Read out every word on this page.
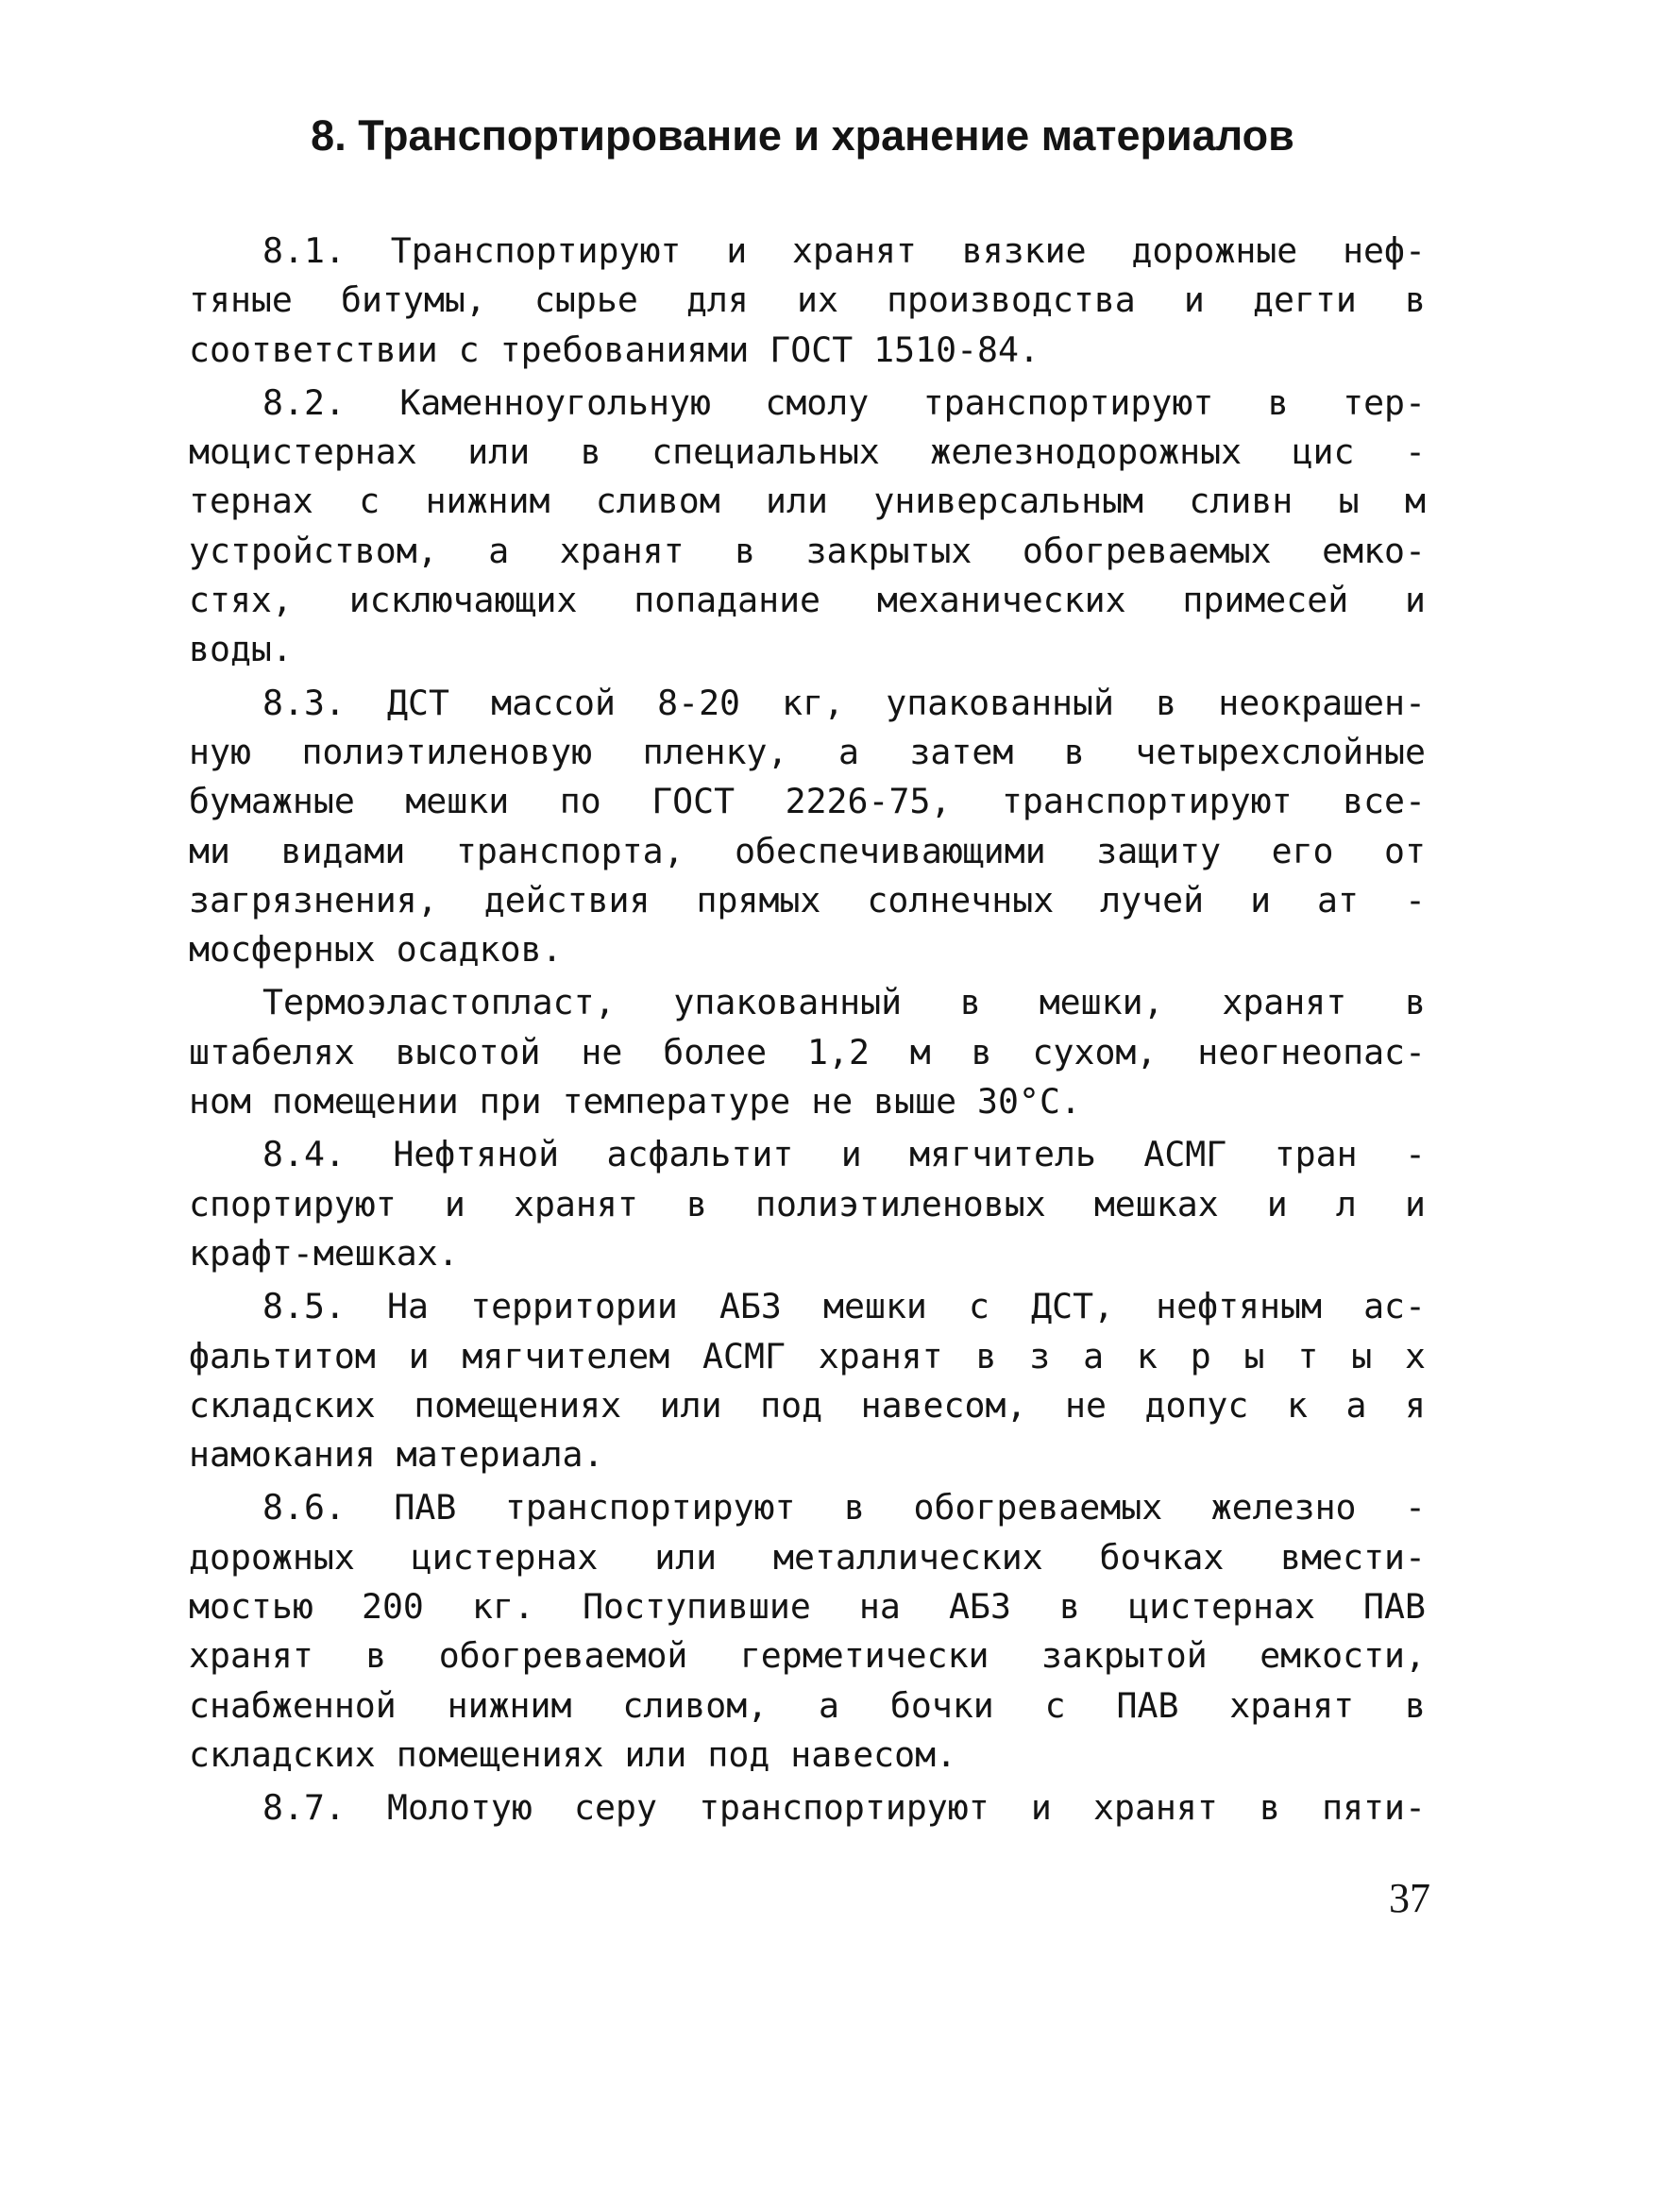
8. Транспортирование и хранение материалов
8.1. Транспортируют и хранят вязкие дорожные неф-
тяные битумы, сырье для их производства и дегти в
соответствии с требованиями ГОСТ 1510-84.
8.2. Каменноугольную смолу транспортируют в тер-
моцистернах или в специальных железнодорожных цис -
тернах с нижним сливом или универсальным сливн ы м
устройством, а хранят в закрытых обогреваемых емко-
стях, исключающих попадание механических примесей и
воды.
8.3. ДСТ массой 8-20 кг, упакованный в неокрашен-
ную полиэтиленовую пленку, а затем в четырехслойные
бумажные мешки по ГОСТ 2226-75, транспортируют все-
ми видами транспорта, обеспечивающими защиту его от
загрязнения, действия прямых солнечных лучей и ат -
мосферных осадков.
Термоэластопласт, упакованный в мешки, хранят в
штабелях высотой не более 1,2 м в сухом, неогнеопас-
ном помещении при температуре не выше 30°С.
8.4. Нефтяной асфальтит и мягчитель АСМГ тран -
спортируют и хранят в полиэтиленовых мешках и л и
крафт-мешках.
8.5. На территории АБЗ мешки с ДСТ, нефтяным ас-
фальтитом и мягчителем АСМГ хранят в з а к р ы т ы х
складских помещениях или под навесом, не допус к а я
намокания материала.
8.6. ПАВ транспортируют в обогреваемых железно -
дорожных цистернах или металлических бочках вмести-
мостью 200 кг. Поступившие на АБЗ в цистернах ПАВ
хранят в обогреваемой герметически закрытой емкости,
снабженной нижним сливом, а бочки с ПАВ хранят в
складских помещениях или под навесом.
8.7. Молотую серу транспортируют и хранят в пяти-
37
